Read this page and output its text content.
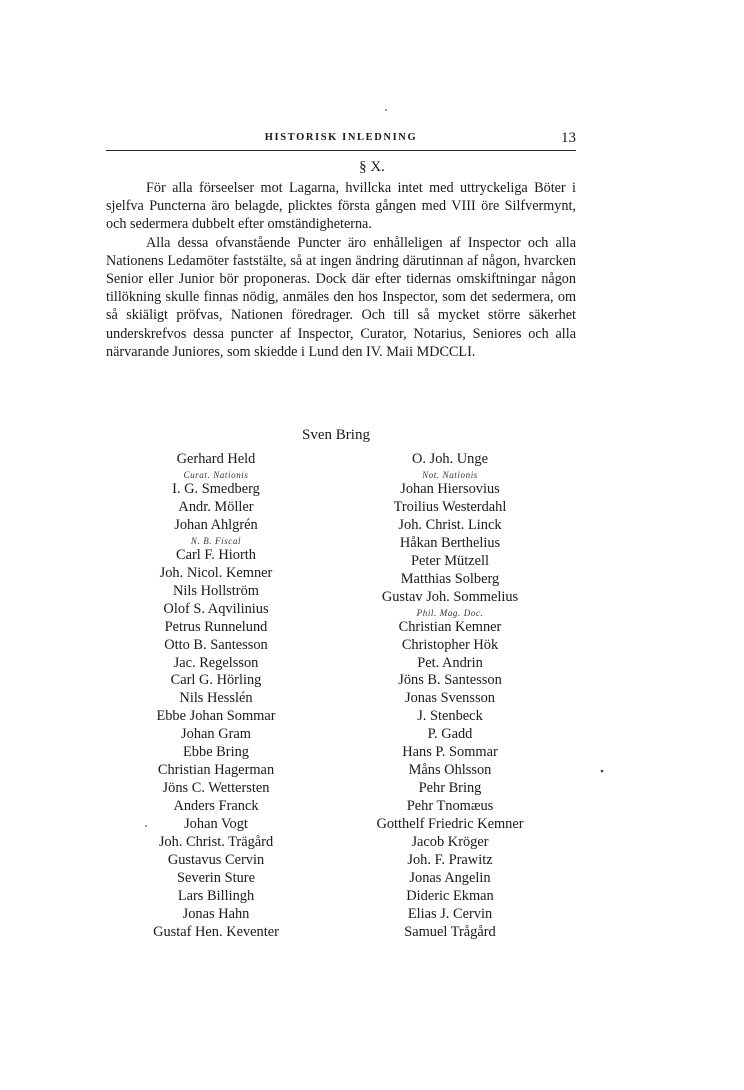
HISTORISK INLEDNING	13
§ X.

För alla förseelser mot Lagarna, hvillcka intet med uttryckeliga Böter i sjelfva Puncterna äro belagde, plicktes första gången med VIII öre Silfvermynt, och sedermera dubbelt efter omständigheterna.

Alla dessa ofvanstående Puncter äro enhålleligen af Inspector och alla Nationens Ledamöter faststälte, så at ingen ändring därutinnan af någon, hvarcken Senior eller Junior bör proponeras. Dock där efter tidernas omskiftningar någon tillökning skulle finnas nödig, anmäles den hos Inspector, som det sedermera, om så skiäligt pröfvas, Nationen föredrager. Och till så mycket större säkerhet underskrefvos dessa puncter af Inspector, Curator, Notarius, Seniores och alla närvarande Juniores, som skiedde i Lund den IV. Maii MDCCLI.

Sven Bring
Gerhard Held
Curat. Nationis
I. G. Smedberg
Andr. Möller
Johan Ahlgrén
N. B. Fiscal
Carl F. Hiorth
Joh. Nicol. Kemner
Nils Hollström
Olof S. Aqvilinius
Petrus Runnelund
Otto B. Santesson
Jac. Regelsson
Carl G. Hörling
Nils Hesslén
Ebbe Johan Sommar
Johan Gram
Ebbe Bring
Christian Hagerman
Jöns C. Wettersten
Anders Franck
Johan Vogt
Joh. Christ. Trägård
Gustavus Cervin
Severin Sture
Lars Billingh
Jonas Hahn
Gustaf Hen. Keventer
O. Joh. Unge
Not. Nationis
Johan Hiersovius
Troilius Westerdahl
Joh. Christ. Linck
Håkan Berthelius
Peter Mützell
Matthias Solberg
Gustav Joh. Sommelius
Phil. Mag. Doc.
Christian Kemner
Christopher Hök
Pet. Andrin
Jöns B. Santesson
Jonas Svensson
J. Stenbeck
P. Gadd
Hans P. Sommar
Måns Ohlsson
Pehr Bring
Pehr Tnomæus
Gotthelf Friedric Kemner
Jacob Kröger
Joh. F. Prawitz
Jonas Angelin
Dideric Ekman
Elias J. Cervin
Samuel Trågård
